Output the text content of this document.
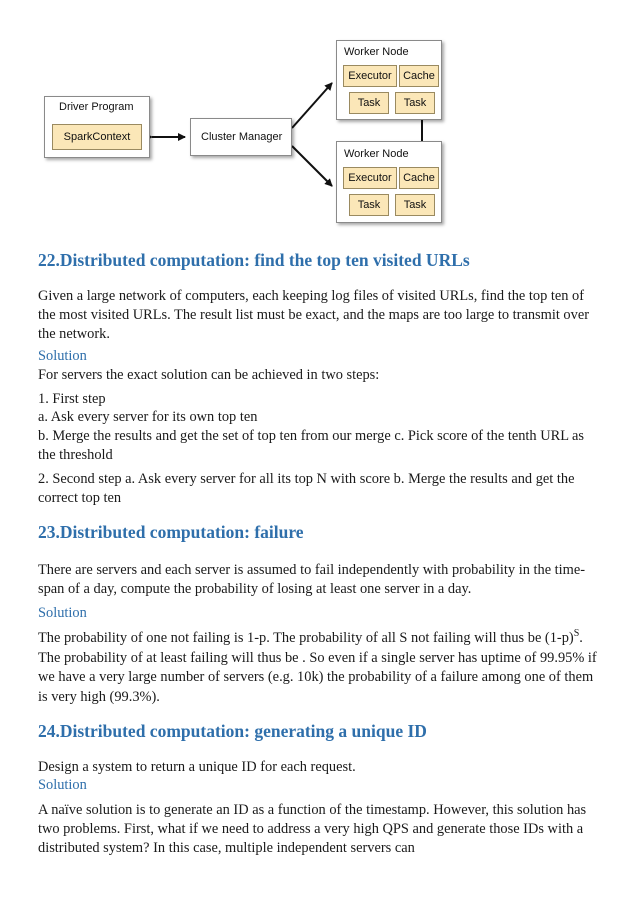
Driver Program
SparkContext	Cluster Manager
Worker Node
Executor	Cache
Task	Task
Worker Node
Executor	Cache
Task	Task
22.Distributed computation: find the top ten visited URLs

Given a large network of computers, each keeping log files of visited URLs, find the top ten of the most visited URLs. The result list must be exact, and the maps are too large to transmit over the network.

Solution

For servers the exact solution can be achieved in two steps:

1. First step

a. Ask every server for its own top ten

b. Merge the results and get the set of top ten from our merge c. Pick score of the tenth URL as the threshold

2. Second step a. Ask every server for all its top N with score b. Merge the results and get the correct top ten

23.Distributed computation: failure

There are servers and each server is assumed to fail independently with probability in the time-span of a day, compute the probability of losing at least one server in a day.

Solution

The probability of one not failing is 1-p. The probability of all S not failing will thus be $(1-p)^S$. The probability of at least failing will thus be . So even if a single server has uptime of 99.95% if we have a very large number of servers (e.g. 10k) the probability of a failure among one of them is very high (99.3%).

24.Distributed computation: generating a unique ID

Design a system to return a unique ID for each request.

Solution

A naïve solution is to generate an ID as a function of the timestamp. However, this solution has two problems. First, what if we need to address a very high QPS and generate those IDs with a distributed system? In this case, multiple independent servers can
